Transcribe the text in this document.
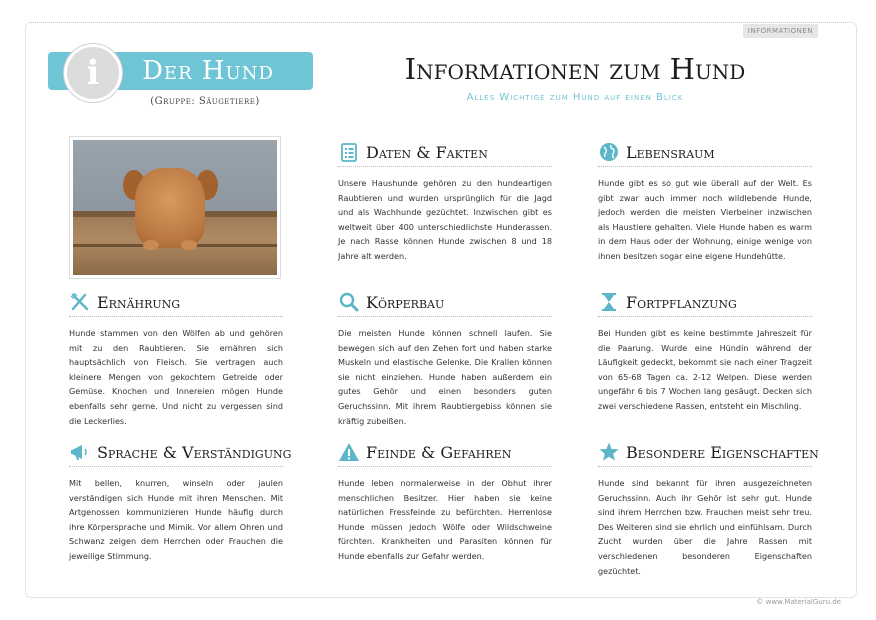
INFORMATIONEN
Der Hund
i
(Gruppe: Säugetiere)
Informationen zum Hund
Alles Wichtige zum Hund auf einen Blick
Daten & Fakten
Unsere Haushunde gehören zu den hundeartigen Raubtieren und wurden ursprünglich für die Jagd und als Wachhunde gezüchtet. Inzwischen gibt es weltweit über 400 unterschiedlichste Hunderassen. Je nach Rasse können Hunde zwischen 8 und 18 Jahre alt werden.
Lebensraum
Hunde gibt es so gut wie überall auf der Welt. Es gibt zwar auch immer noch wildlebende Hunde, jedoch werden die meisten Vierbeiner inzwischen als Haustiere gehalten. Viele Hunde haben es warm in dem Haus oder der Wohnung, einige wenige von ihnen besitzen sogar eine eigene Hundehütte.
Ernährung
Hunde stammen von den Wölfen ab und gehören mit zu den Raubtieren. Sie ernähren sich hauptsächlich von Fleisch. Sie vertragen auch kleinere Mengen von gekochtem Getreide oder Gemüse. Knochen und Innereien mögen Hunde ebenfalls sehr gerne. Und nicht zu vergessen sind die Leckerlies.
Körperbau
Die meisten Hunde können schnell laufen. Sie bewegen sich auf den Zehen fort und haben starke Muskeln und elastische Gelenke. Die Krallen können sie nicht einziehen. Hunde haben außerdem ein gutes Gehör und einen besonders guten Geruchssinn. Mit ihrem Raubtiergebiss können sie kräftig zubeißen.
Fortpflanzung
Bei Hunden gibt es keine bestimmte Jahreszeit für die Paarung. Wurde eine Hündin während der Läufigkeit gedeckt, bekommt sie nach einer Tragzeit von 65-68 Tagen ca. 2-12 Welpen. Diese werden ungefähr 6 bis 7 Wochen lang gesäugt. Decken sich zwei verschiedene Rassen, entsteht ein Mischling.
Sprache & Verständigung
Mit bellen, knurren, winseln oder jaulen verständigen sich Hunde mit ihren Menschen. Mit Artgenossen kommunizieren Hunde häufig durch ihre Körpersprache und Mimik. Vor allem Ohren und Schwanz zeigen dem Herrchen oder Frauchen die jeweilige Stimmung.
Feinde & Gefahren
Hunde leben normalerweise in der Obhut ihrer menschlichen Besitzer. Hier haben sie keine natürlichen Fressfeinde zu befürchten. Herrenlose Hunde müssen jedoch Wölfe oder Wildschweine fürchten. Krankheiten und Parasiten können für Hunde ebenfalls zur Gefahr werden.
Besondere Eigenschaften
Hunde sind bekannt für ihren ausgezeichneten Geruchssinn. Auch ihr Gehör ist sehr gut. Hunde sind ihrem Herrchen bzw. Frauchen meist sehr treu. Des Weiteren sind sie ehrlich und einfühlsam. Durch Zucht wurden über die Jahre Rassen mit verschiedenen besonderen Eigenschaften gezüchtet.
© www.MaterialGuru.de
